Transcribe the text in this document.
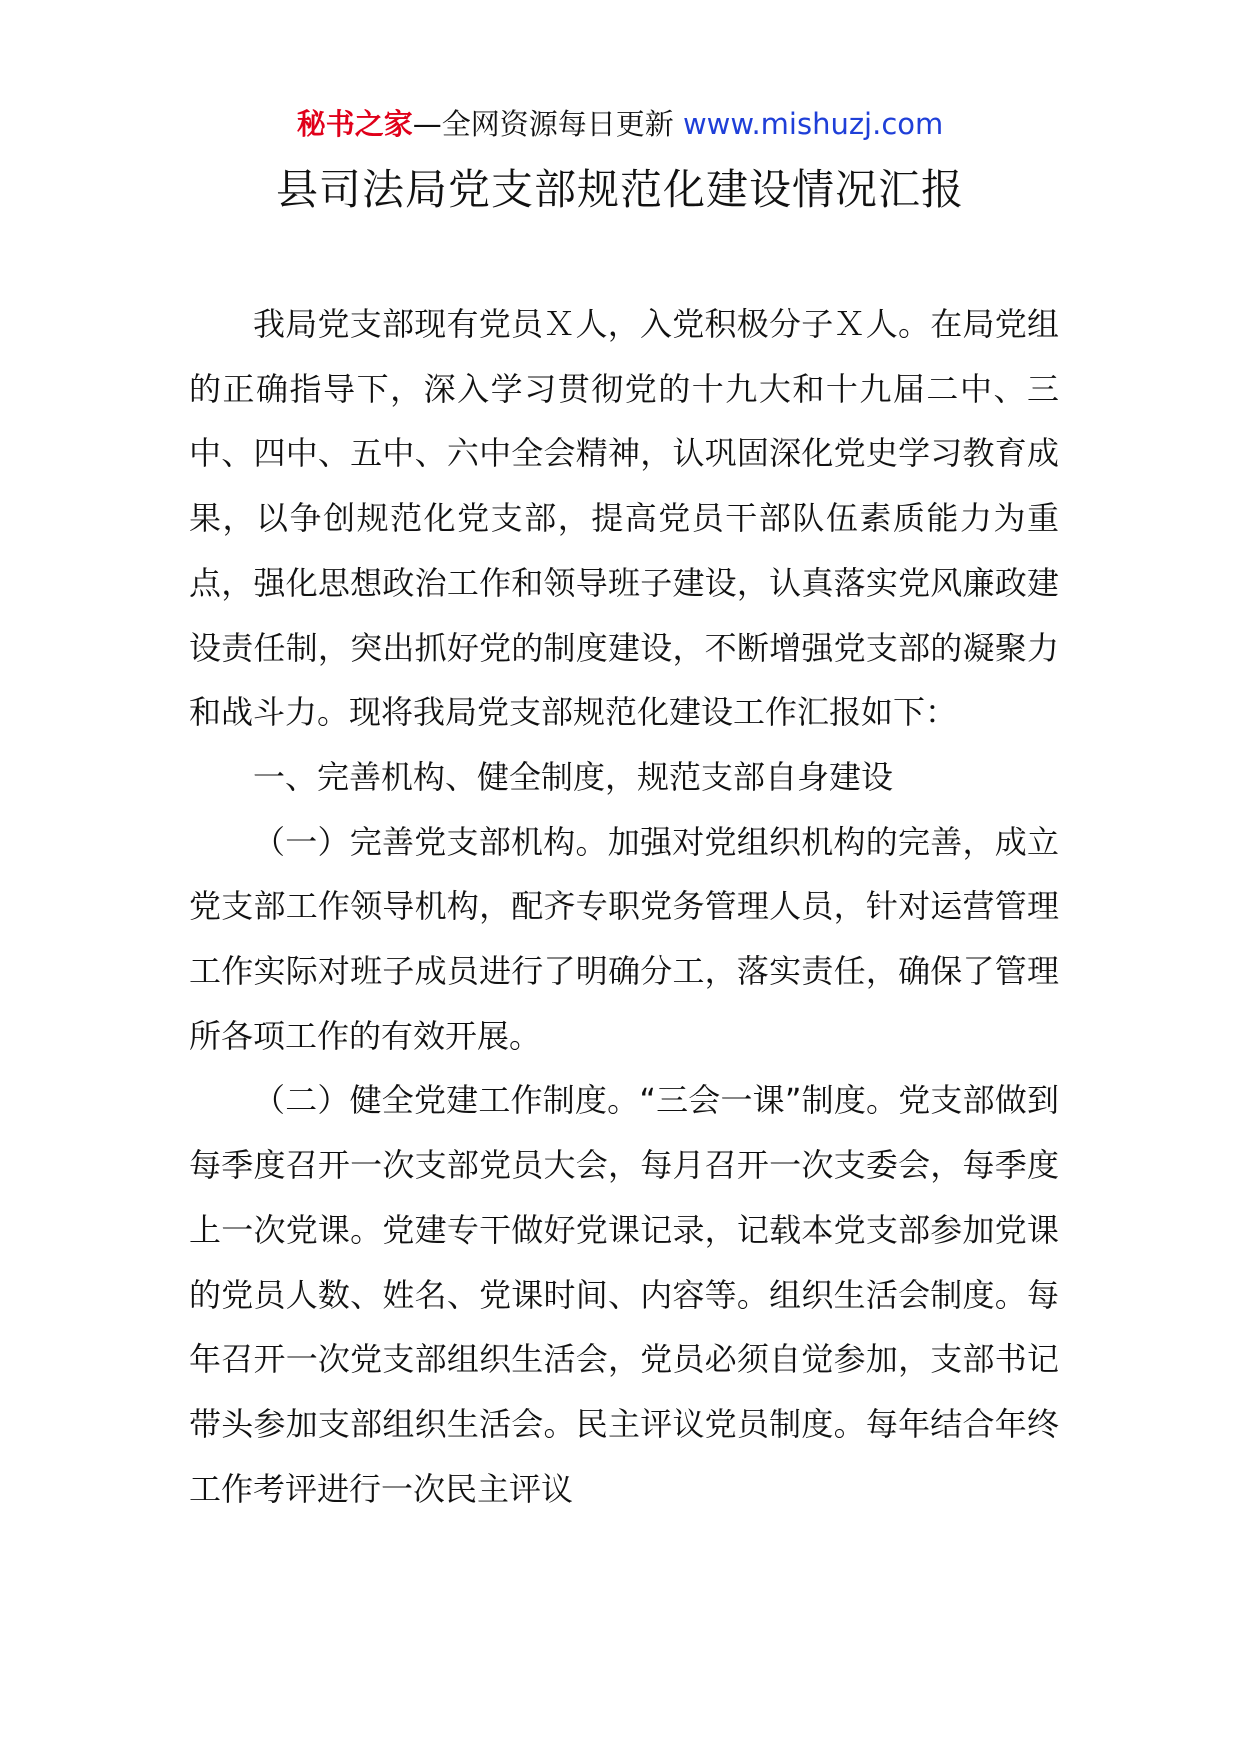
秘书之家—全网资源每日更新 www.mishuzj.com
县司法局党支部规范化建设情况汇报

我局党支部现有党员Ｘ人，入党积极分子Ｘ人。在局党组的正确指导下，深入学习贯彻党的十九大和十九届二中、三中、四中、五中、六中全会精神，认巩固深化党史学习教育成果，以争创规范化党支部，提高党员干部队伍素质能力为重点，强化思想政治工作和领导班子建设，认真落实党风廉政建设责任制，突出抓好党的制度建设，不断增强党支部的凝聚力和战斗力。现将我局党支部规范化建设工作汇报如下：

一、完善机构、健全制度，规范支部自身建设

（一）完善党支部机构。加强对党组织机构的完善，成立党支部工作领导机构，配齐专职党务管理人员，针对运营管理工作实际对班子成员进行了明确分工，落实责任，确保了管理所各项工作的有效开展。

（二）健全党建工作制度。“三会一课”制度。党支部做到每季度召开一次支部党员大会，每月召开一次支委会，每季度上一次党课。党建专干做好党课记录，记载本党支部参加党课的党员人数、姓名、党课时间、内容等。组织生活会制度。每年召开一次党支部组织生活会，党员必须自觉参加，支部书记带头参加支部组织生活会。民主评议党员制度。每年结合年终工作考评进行一次民主评议
